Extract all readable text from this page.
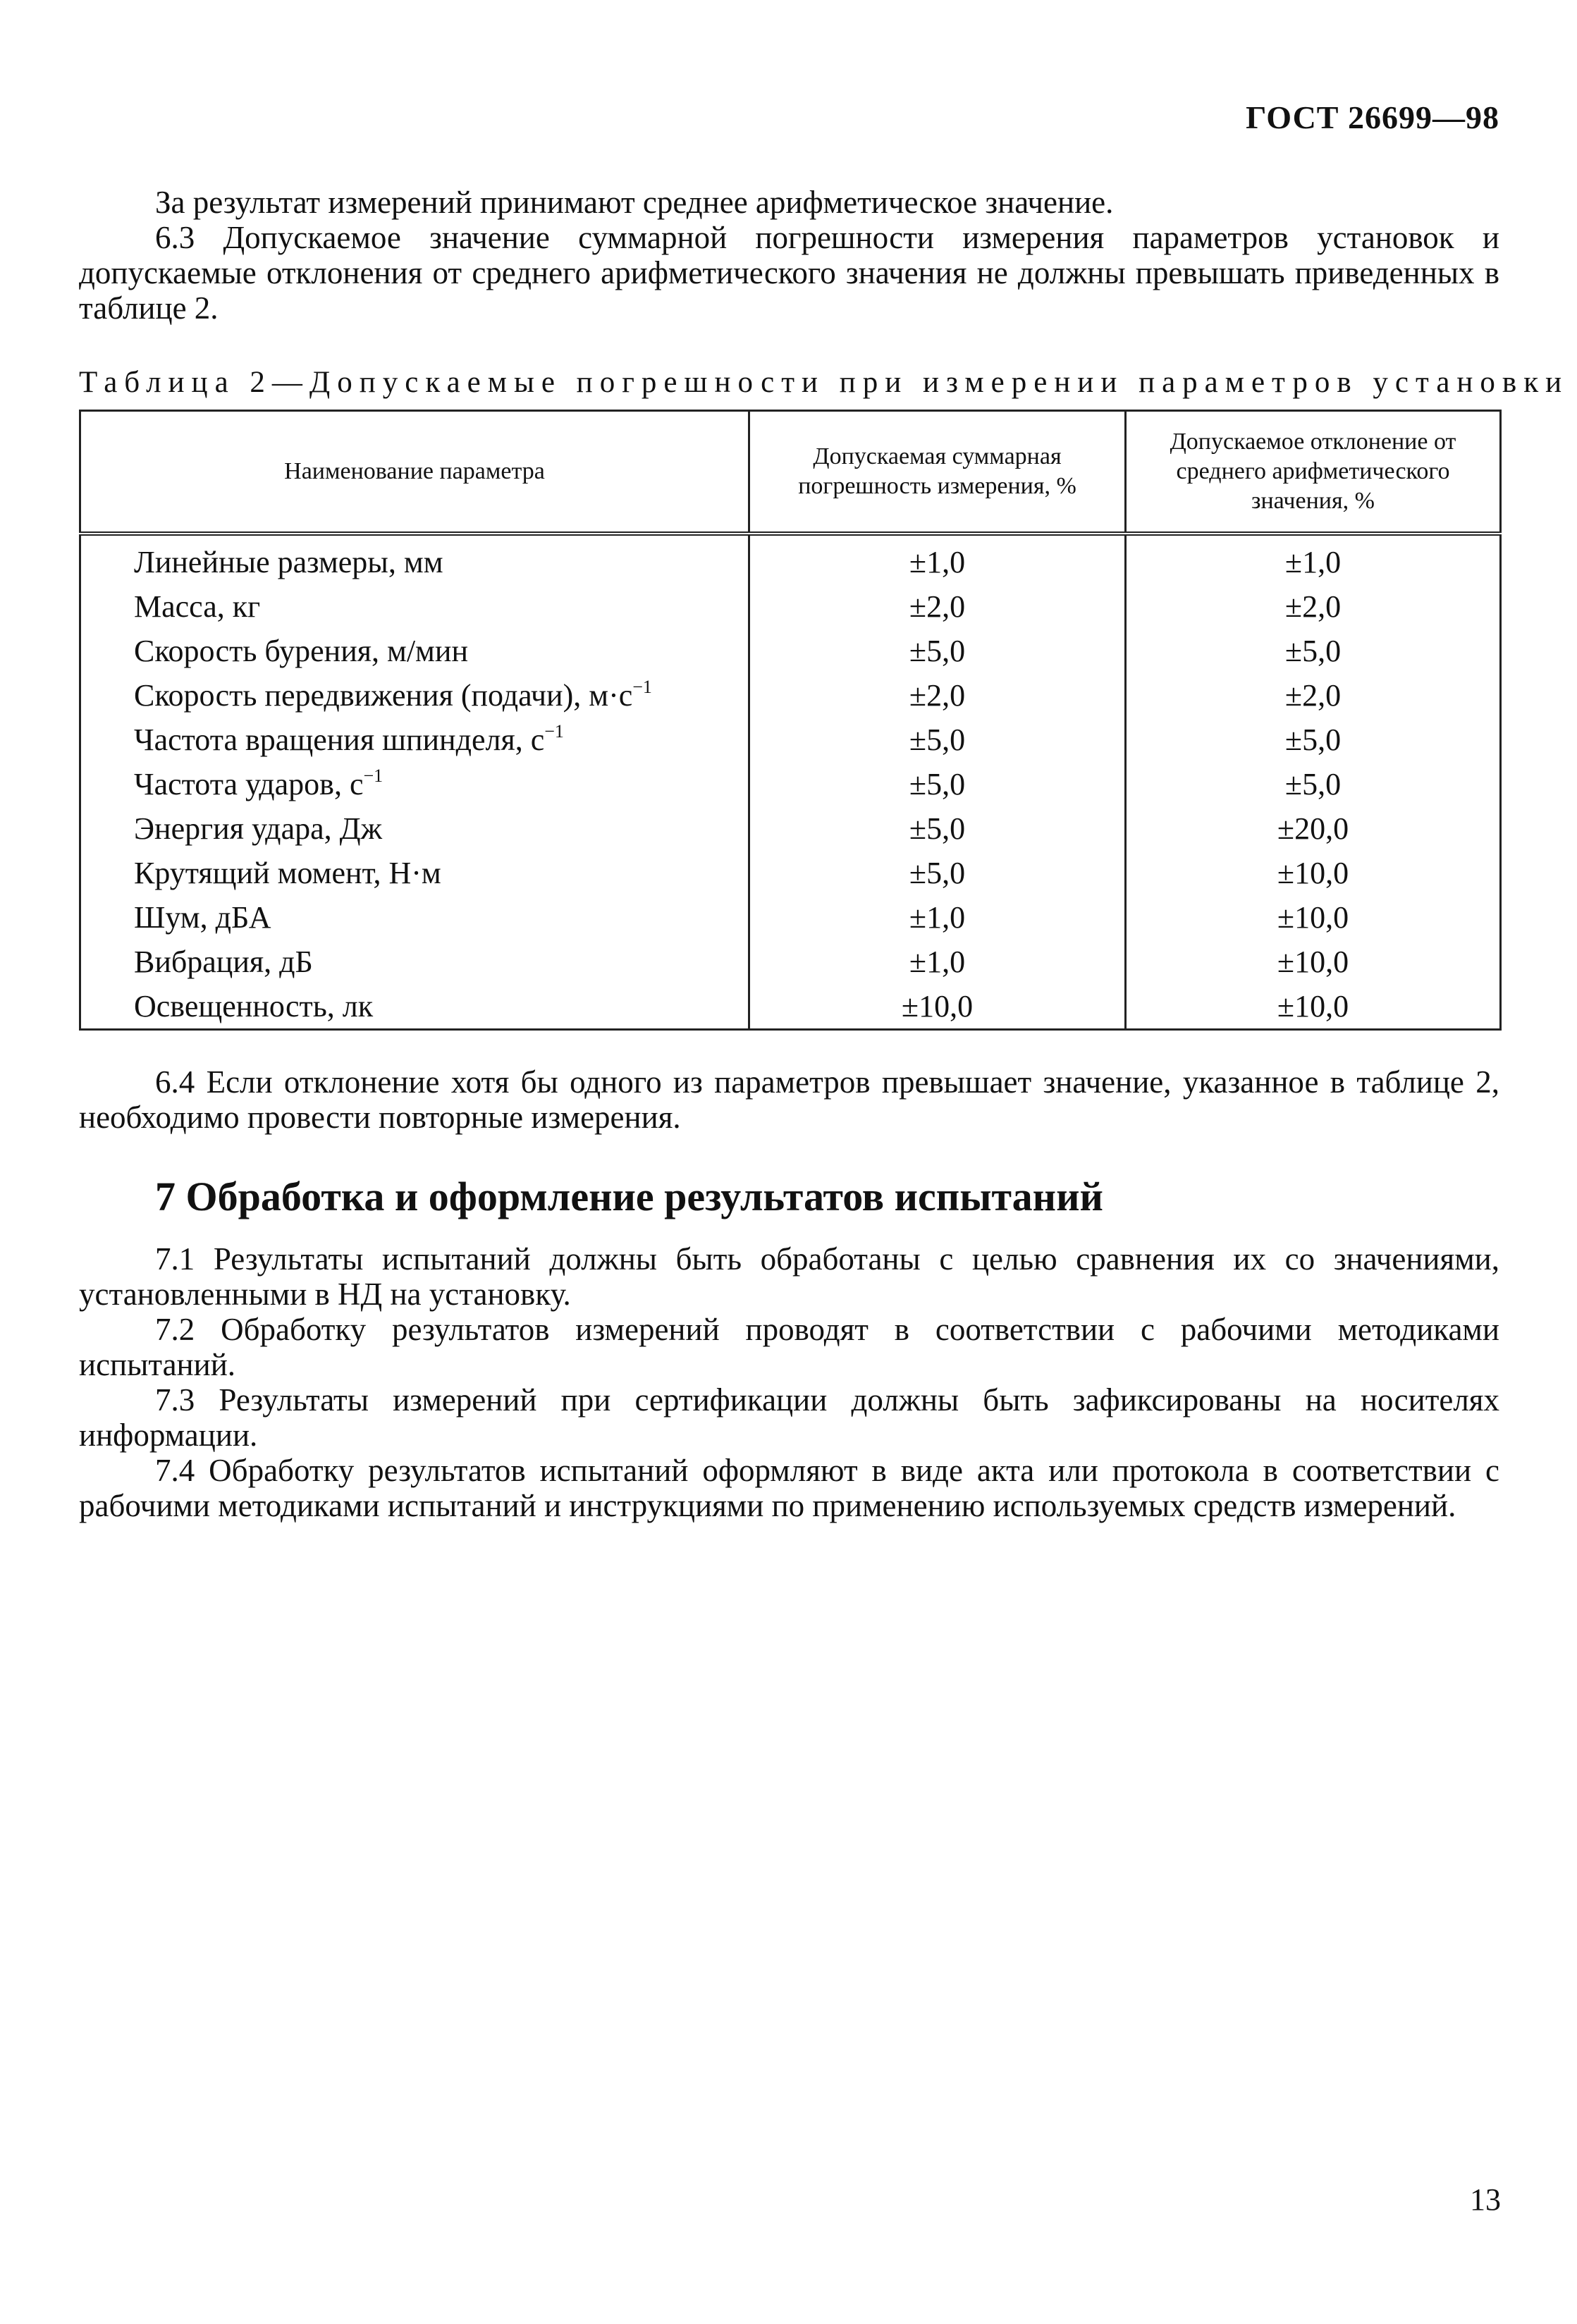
ГОСТ 26699—98

За результат измерений принимают среднее арифметическое значение.

6.3 Допускаемое значение суммарной погрешности измерения параметров установок и допускаемые отклонения от среднего арифметического значения не должны превышать приведенных в таблице 2.

Таблица 2—Допускаемые погрешности при измерении параметров установки
Наименование параметра	Допускаемая суммарная погрешность измерения, %	Допускаемое отклонение от среднего арифметического значения, %
Линейные размеры, мм	±1,0	±1,0
Масса, кг	±2,0	±2,0
Скорость бурения, м/мин	±5,0	±5,0
Скорость передвижения (подачи), $м\cdot с^{-1}$	±2,0	±2,0
Частота вращения шпинделя, $с^{-1}$	±5,0	±5,0
Частота ударов, $с^{-1}$	±5,0	±5,0
Энергия удара, Дж	±5,0	±20,0
Крутящий момент, Н·м	±5,0	±10,0
Шум, дБА	±1,0	±10,0
Вибрация, дБ	±1,0	±10,0
Освещенность, лк	±10,0	±10,0

6.4 Если отклонение хотя бы одного из параметров превышает значение, указанное в таблице 2, необходимо провести повторные измерения.

7 Обработка и оформление результатов испытаний

7.1 Результаты испытаний должны быть обработаны с целью сравнения их со значениями, установленными в НД на установку.

7.2 Обработку результатов измерений проводят в соответствии с рабочими методиками испытаний.

7.3 Результаты измерений при сертификации должны быть зафиксированы на носителях информации.

7.4 Обработку результатов испытаний оформляют в виде акта или протокола в соответствии с рабочими методиками испытаний и инструкциями по применению используемых средств измерений.

13
